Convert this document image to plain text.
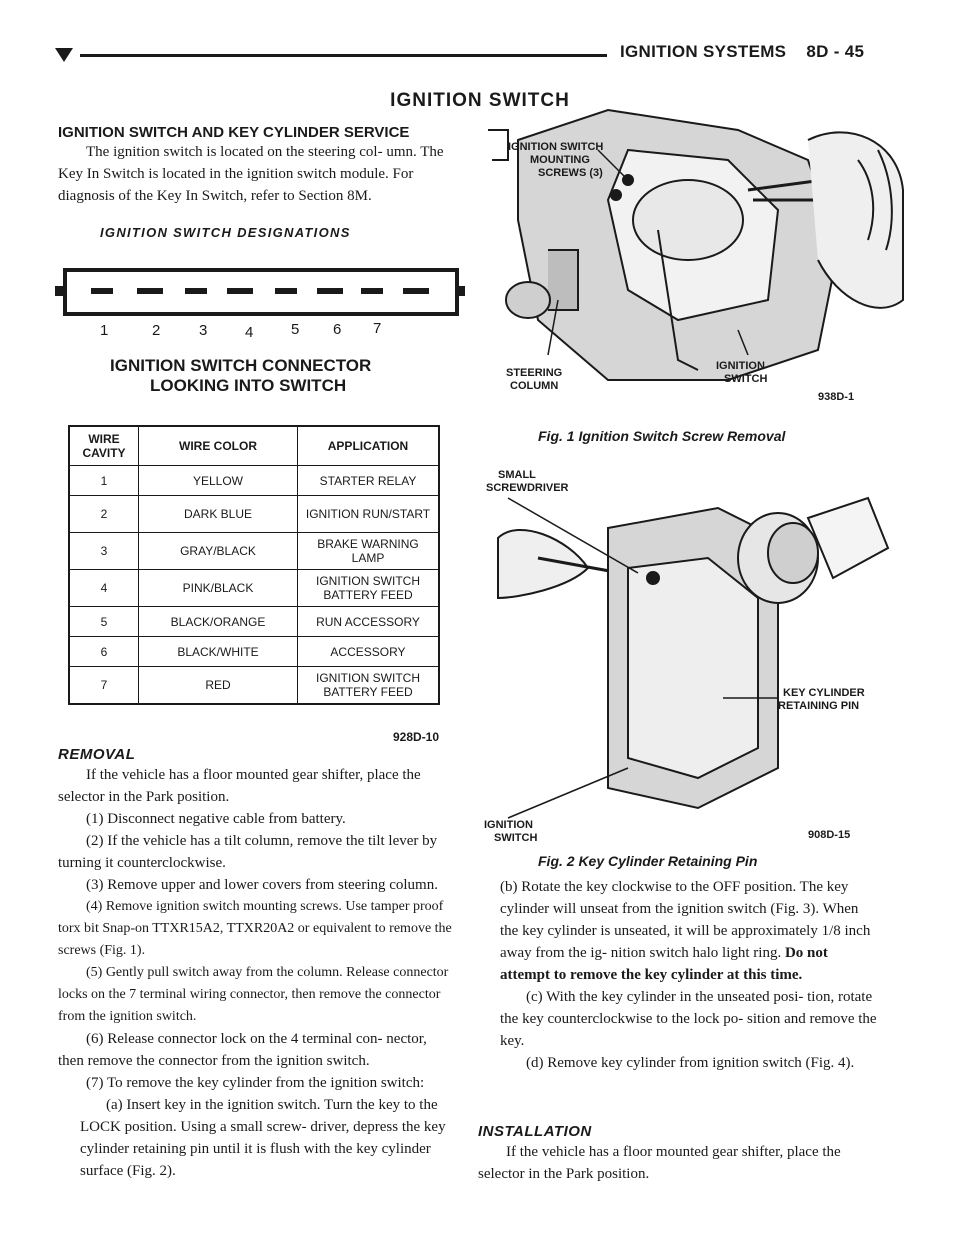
IGNITION SYSTEMS    8D - 45
IGNITION SWITCH
IGNITION SWITCH AND KEY CYLINDER SERVICE

The ignition switch is located on the steering col- umn. The Key In Switch is located in the ignition switch module. For diagnosis of the Key In Switch, refer to Section 8M.

IGNITION SWITCH DESIGNATIONS
1	2	3	4	5 6 7
IGNITION SWITCH CONNECTOR
LOOKING INTO SWITCH
WIRE CAVITY	WIRE COLOR	APPLICATION
1	YELLOW	STARTER RELAY
2	DARK BLUE	IGNITION RUN/START
3	GRAY/BLACK	BRAKE WARNING LAMP
4	PINK/BLACK	IGNITION SWITCH BATTERY FEED
5	BLACK/ORANGE	RUN ACCESSORY
6	BLACK/WHITE	ACCESSORY
7	RED	IGNITION SWITCH BATTERY FEED
928D-10
REMOVAL

If the vehicle has a floor mounted gear shifter, place the selector in the Park position.

(1) Disconnect negative cable from battery.

(2) If the vehicle has a tilt column, remove the tilt lever by turning it counterclockwise.

(3) Remove upper and lower covers from steering column.

(4) Remove ignition switch mounting screws. Use tamper proof torx bit Snap-on TTXR15A2, TTXR20A2 or equivalent to remove the screws (Fig. 1).

(5) Gently pull switch away from the column. Release connector locks on the 7 terminal wiring connector, then remove the connector from the ignition switch.

(6) Release connector lock on the 4 terminal con- nector, then remove the connector from the ignition switch.

(7) To remove the key cylinder from the ignition switch:

(a) Insert key in the ignition switch. Turn the key to the LOCK position. Using a small screw- driver, depress the key cylinder retaining pin until it is flush with the key cylinder surface (Fig. 2).

IGNITION SWITCH
MOUNTING
SCREWS (3)
STEERING
COLUMN
IGNITION
SWITCH
938D-1
Fig. 1 Ignition Switch Screw Removal
SMALL
SCREWDRIVER
KEY CYLINDER
RETAINING PIN
IGNITION
SWITCH	908D-15
Fig. 2 Key Cylinder Retaining Pin

(b) Rotate the key clockwise to the OFF position. The key cylinder will unseat from the ignition switch (Fig. 3). When the key cylinder is unseated, it will be approximately 1/8 inch away from the ig- nition switch halo light ring. Do not attempt to remove the key cylinder at this time.

(c) With the key cylinder in the unseated posi- tion, rotate the key counterclockwise to the lock po- sition and remove the key.

(d) Remove key cylinder from ignition switch (Fig. 4).

INSTALLATION

If the vehicle has a floor mounted gear shifter, place the selector in the Park position.
